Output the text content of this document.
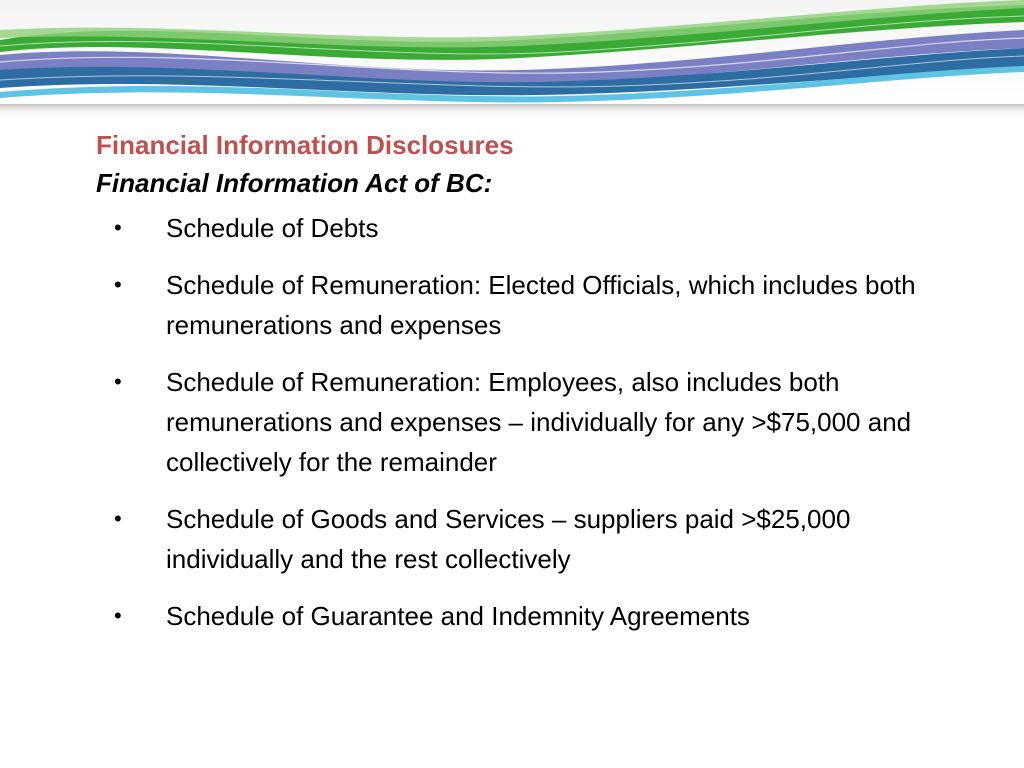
Financial Information Disclosures
Financial Information Act of BC:
• Schedule of Debts
• Schedule of Remuneration: Elected Officials, which includes both remunerations and expenses
• Schedule of Remuneration: Employees, also includes both remunerations and expenses – individually for any >$75,000 and collectively for the remainder
• Schedule of Goods and Services – suppliers paid >$25,000 individually and the rest collectively
• Schedule of Guarantee and Indemnity Agreements
